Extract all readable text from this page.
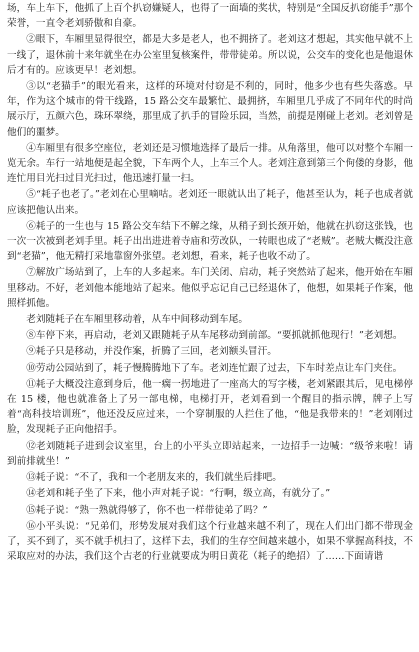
场，车上车下，他抓了上百个扒窃嫌疑人，也得了一面墙的奖状，特别是“全国反扒窃能手”那个荣誉，一直令老刘骄傲和自豪。

②眼下，车厢里显得很空，都是大多是老人，也不拥挤了。老刘这才想起，其实他早就不上一线了，退休前十来年就坐在办公室里复核案件，带带徒弟。所以说，公交车的变化也是他退休后才有的。应该更早！老刘想。

③以“老猫手”的眼光看来，这样的环境对付窃是不利的，同时，他多少也有些失落惑。早年，作为这个城市的骨干线路，15 路公交车最繁忙、最拥挤，车厢里几乎成了不同年代的时尚展示厅，五颜六色，珠环翠绕，那里成了扒手的冒险乐园，当然，前提是刚碰上老刘。老刘曾是他们的噩梦。

④车厢里有很多空座位，老刘还是习惯地选择了最后一排。从角落里，他可以对整个车厢一览无余。车行一站地便是起全貌，下车两个人，上车三个人。老刘注意到第三个佝偻的身影，他连忙用目光扫过目光扫过，他迅速打量一扫。

⑤“耗子也老了。”老刘在心里嘀咕。老刘还一眼就认出了耗子，他甚至认为，耗子也成者就应该把他认出来。

⑥耗子的一生也与 15 路公交车结下不解之缘，从稍子到长颈开始，他就在扒窃这张钱，也一次一次被到老刘手里。耗子出出进进着寺庙和劳改队，一转眼也成了“老贼”。老贼大概没注意到“老猫”，他无精打采地靠窗外张望。老刘想，看来，耗子也收不动了。

⑦解放广场站到了，上车的人多起来。车门关闭、启动，耗子突然站了起来，他开始在车厢里移动。不好，老刘他本能地站了起来。他似乎忘记自己已经退休了，他想，如果耗子作案，他照样抓他。

老刘随耗子在车厢里移动着，从车中间移动到车尾。

⑧车停下来，再启动，老刘又跟随耗子从车尾移动到前部。“要抓就抓他现行！”老刘想。

⑨耗子只是移动，并没作案，折腾了三回，老刘额头冒汗。

⑩劳动公园站到了，耗子慢腾腾地下了车。老刘连忙跟了过去，下车时差点让车门夹住。

⑪耗子大概没注意到身后，他一瘸一拐地进了一座高大的写字楼，老刘紧跟其后，见电梯停在 15 楼，他也就准备上了另一部电梯，电梯打开，老刘看到一个醒目的指示牌，牌子上写着“高科技培训班”，他还没反应过来，一个穿制服的人拦住了他，“他是我带来的！”老刘刚过脸，发现耗子正向他招手。

⑫老刘随耗子进到会议室里，台上的小平头立即站起来，一边招手一边喊：“级爷来啦！请到前排就坐！”

⑬耗子说：“不了，我和一个老朋友来的，我们就坐后排吧。

⑭老刘和耗子坐了下来，他小声对耗子说：“行啊，级立高，有就分了。”

⑮耗子说：“熟一熟就得够了，你不也一样带徒弟了吗？”

⑯小平头说：“兄弟们，形势发展对我们这个行业越来越不利了，现在人们出门都不带现金了，买不到了，买不就手机扫了，这样下去，我们的生存空间越来越小，如果不掌握高科技，不采取应对的办法，我们这个古老的行业就要成为明日黄花（耗子的绝招）了……下面请谐
